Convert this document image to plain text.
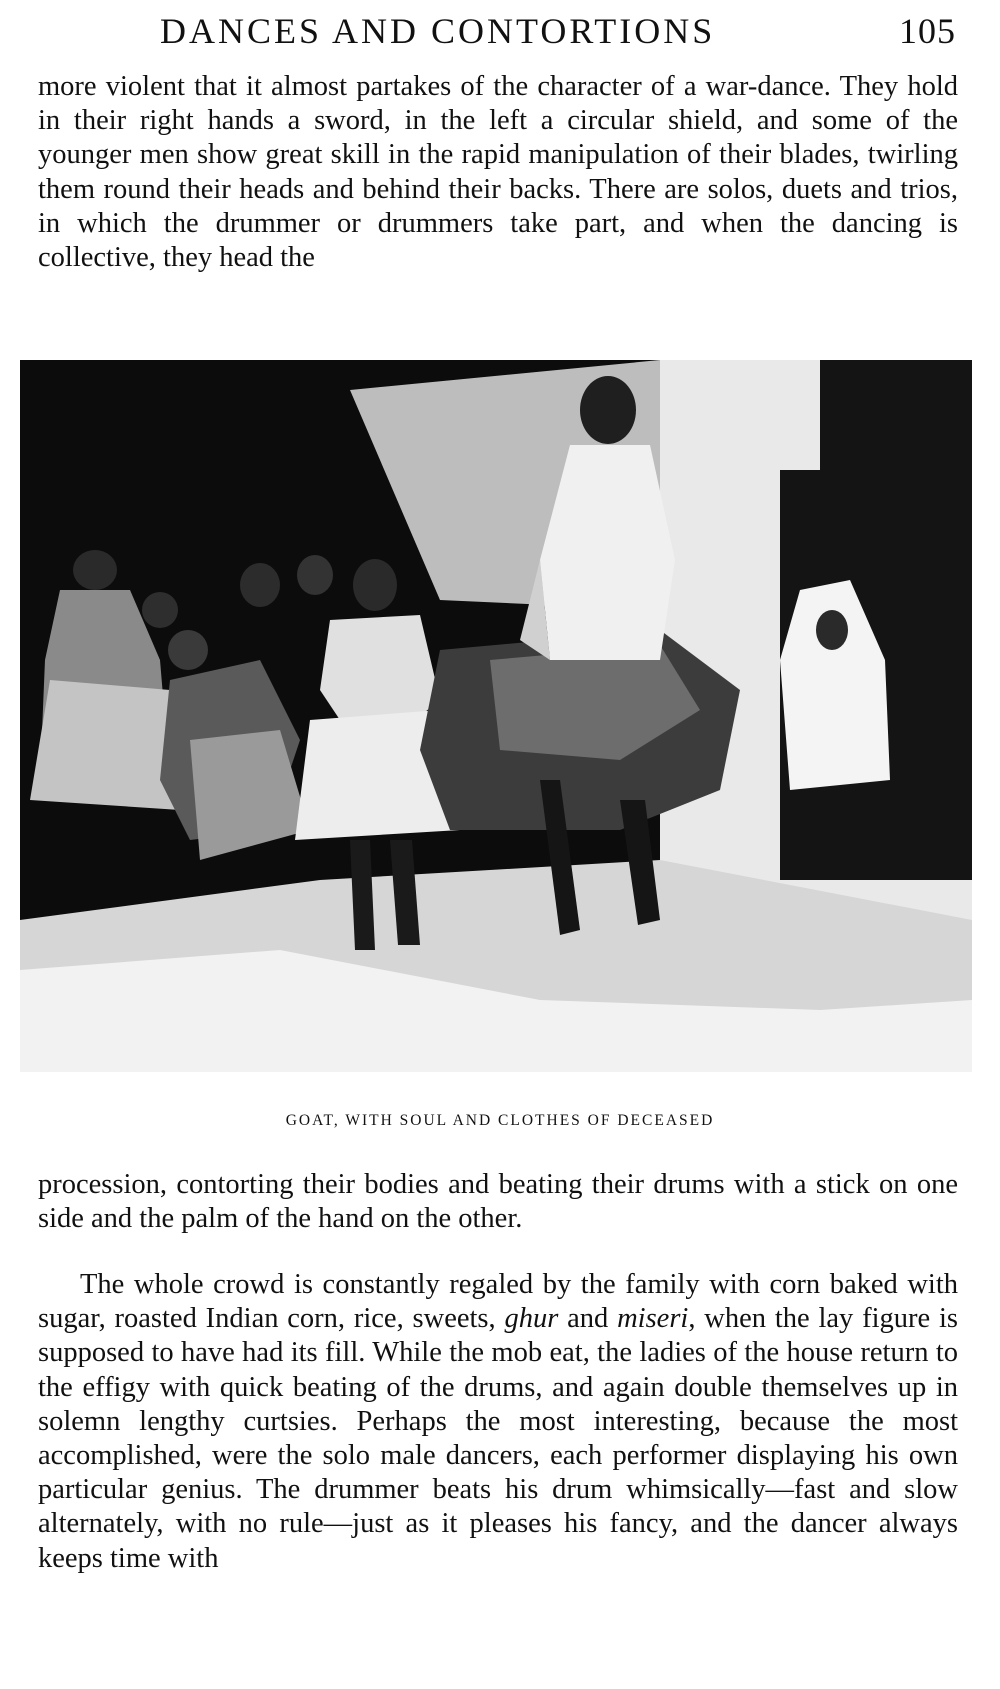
DANCES AND CONTORTIONS	105

more violent that it almost partakes of the character of a war-dance. They hold in their right hands a sword, in the left a circular shield, and some of the younger men show great skill in the rapid manipulation of their blades, twirling them round their heads and behind their backs. There are solos, duets and trios, in which the drummer or drummers take part, and when the dancing is collective, they head the

GOAT, WITH SOUL AND CLOTHES OF DECEASED

procession, contorting their bodies and beating their drums with a stick on one side and the palm of the hand on the other.

The whole crowd is constantly regaled by the family with corn baked with sugar, roasted Indian corn, rice, sweets, ghur and miseri, when the lay figure is supposed to have had its fill. While the mob eat, the ladies of the house return to the effigy with quick beating of the drums, and again double themselves up in solemn lengthy curtsies. Perhaps the most interesting, because the most accomplished, were the solo male dancers, each performer displaying his own particular genius. The drummer beats his drum whimsically—fast and slow alternately, with no rule—just as it pleases his fancy, and the dancer always keeps time with
